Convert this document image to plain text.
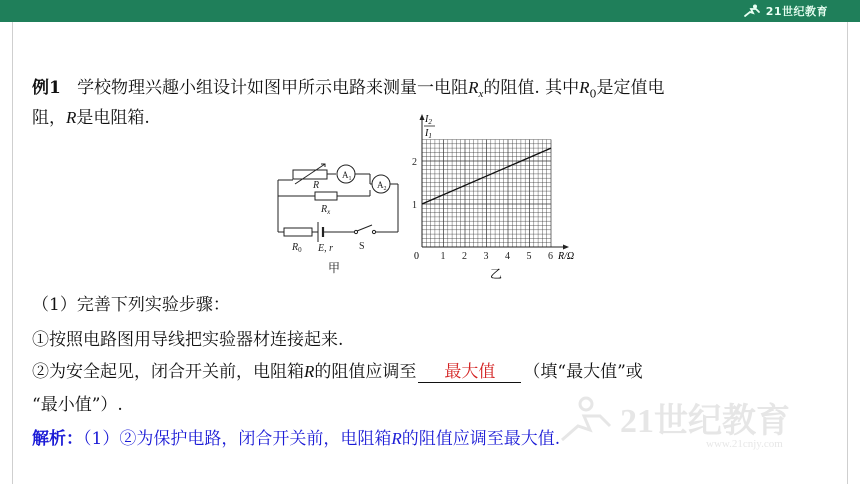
21世纪教育
例1 学校物理兴趣小组设计如图甲所示电路来测量一电阻$R_x$的阻值. 其中$R_0$是定值电
阻，R是电阻箱.
R
$A_1$
$A_2$
$R_x$
$R_0$ E, r	S
甲
1 2 3 4 5 6
1
2
$I_2$
$I_1$
R/Ω
0
乙
（1）完善下列实验步骤：
①按照电路图用导线把实验器材连接起来.
②为安全起见，闭合开关前，电阻箱R的阻值应调至 最大值 （填“最大值”或
“最小值”）.
解析：（1）②为保护电路，闭合开关前，电阻箱R的阻值应调至最大值. 21世纪教育
www.21cnjy.com
